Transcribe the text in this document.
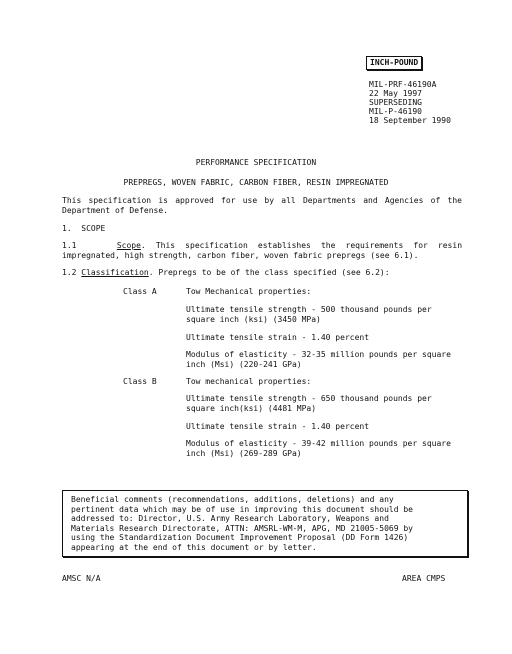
INCH-POUND
MIL-PRF-46190A
22 May 1997
SUPERSEDING
MIL-P-46190
18 September 1990
PERFORMANCE SPECIFICATION
PREPREGS, WOVEN FABRIC, CARBON FIBER, RESIN IMPREGNATED
This specification is approved for use by all Departments and Agencies of the Department of Defense.
1.  SCOPE
1.1	Scope. This specification establishes the requirements for resin impregnated, high strength, carbon fiber, woven fabric prepregs (see 6.1).
1.2 Classification. Prepregs to be of the class specified (see 6.2):
Class A	Tow Mechanical properties:
Ultimate tensile strength - 500 thousand pounds per square inch (ksi) (3450 MPa)
Ultimate tensile strain - 1.40 percent
Modulus of elasticity - 32-35 million pounds per square inch (Msi) (220-241 GPa)
Class B	Tow mechanical properties:
Ultimate tensile strength - 650 thousand pounds per square inch(ksi) (4481 MPa)
Ultimate tensile strain - 1.40 percent
Modulus of elasticity - 39-42 million pounds per square inch (Msi) (269-289 GPa)
Beneficial comments (recommendations, additions, deletions) and any
pertinent data which may be of use in improving this document should be
addressed to: Director, U.S. Army Research Laboratory, Weapons and
Materials Research Directorate, ATTN: AMSRL-WM-M, APG, MD 21005-5069 by
using the Standardization Document Improvement Proposal (DD Form 1426)
appearing at the end of this document or by letter.
AMSC N/A	AREA CMPS
